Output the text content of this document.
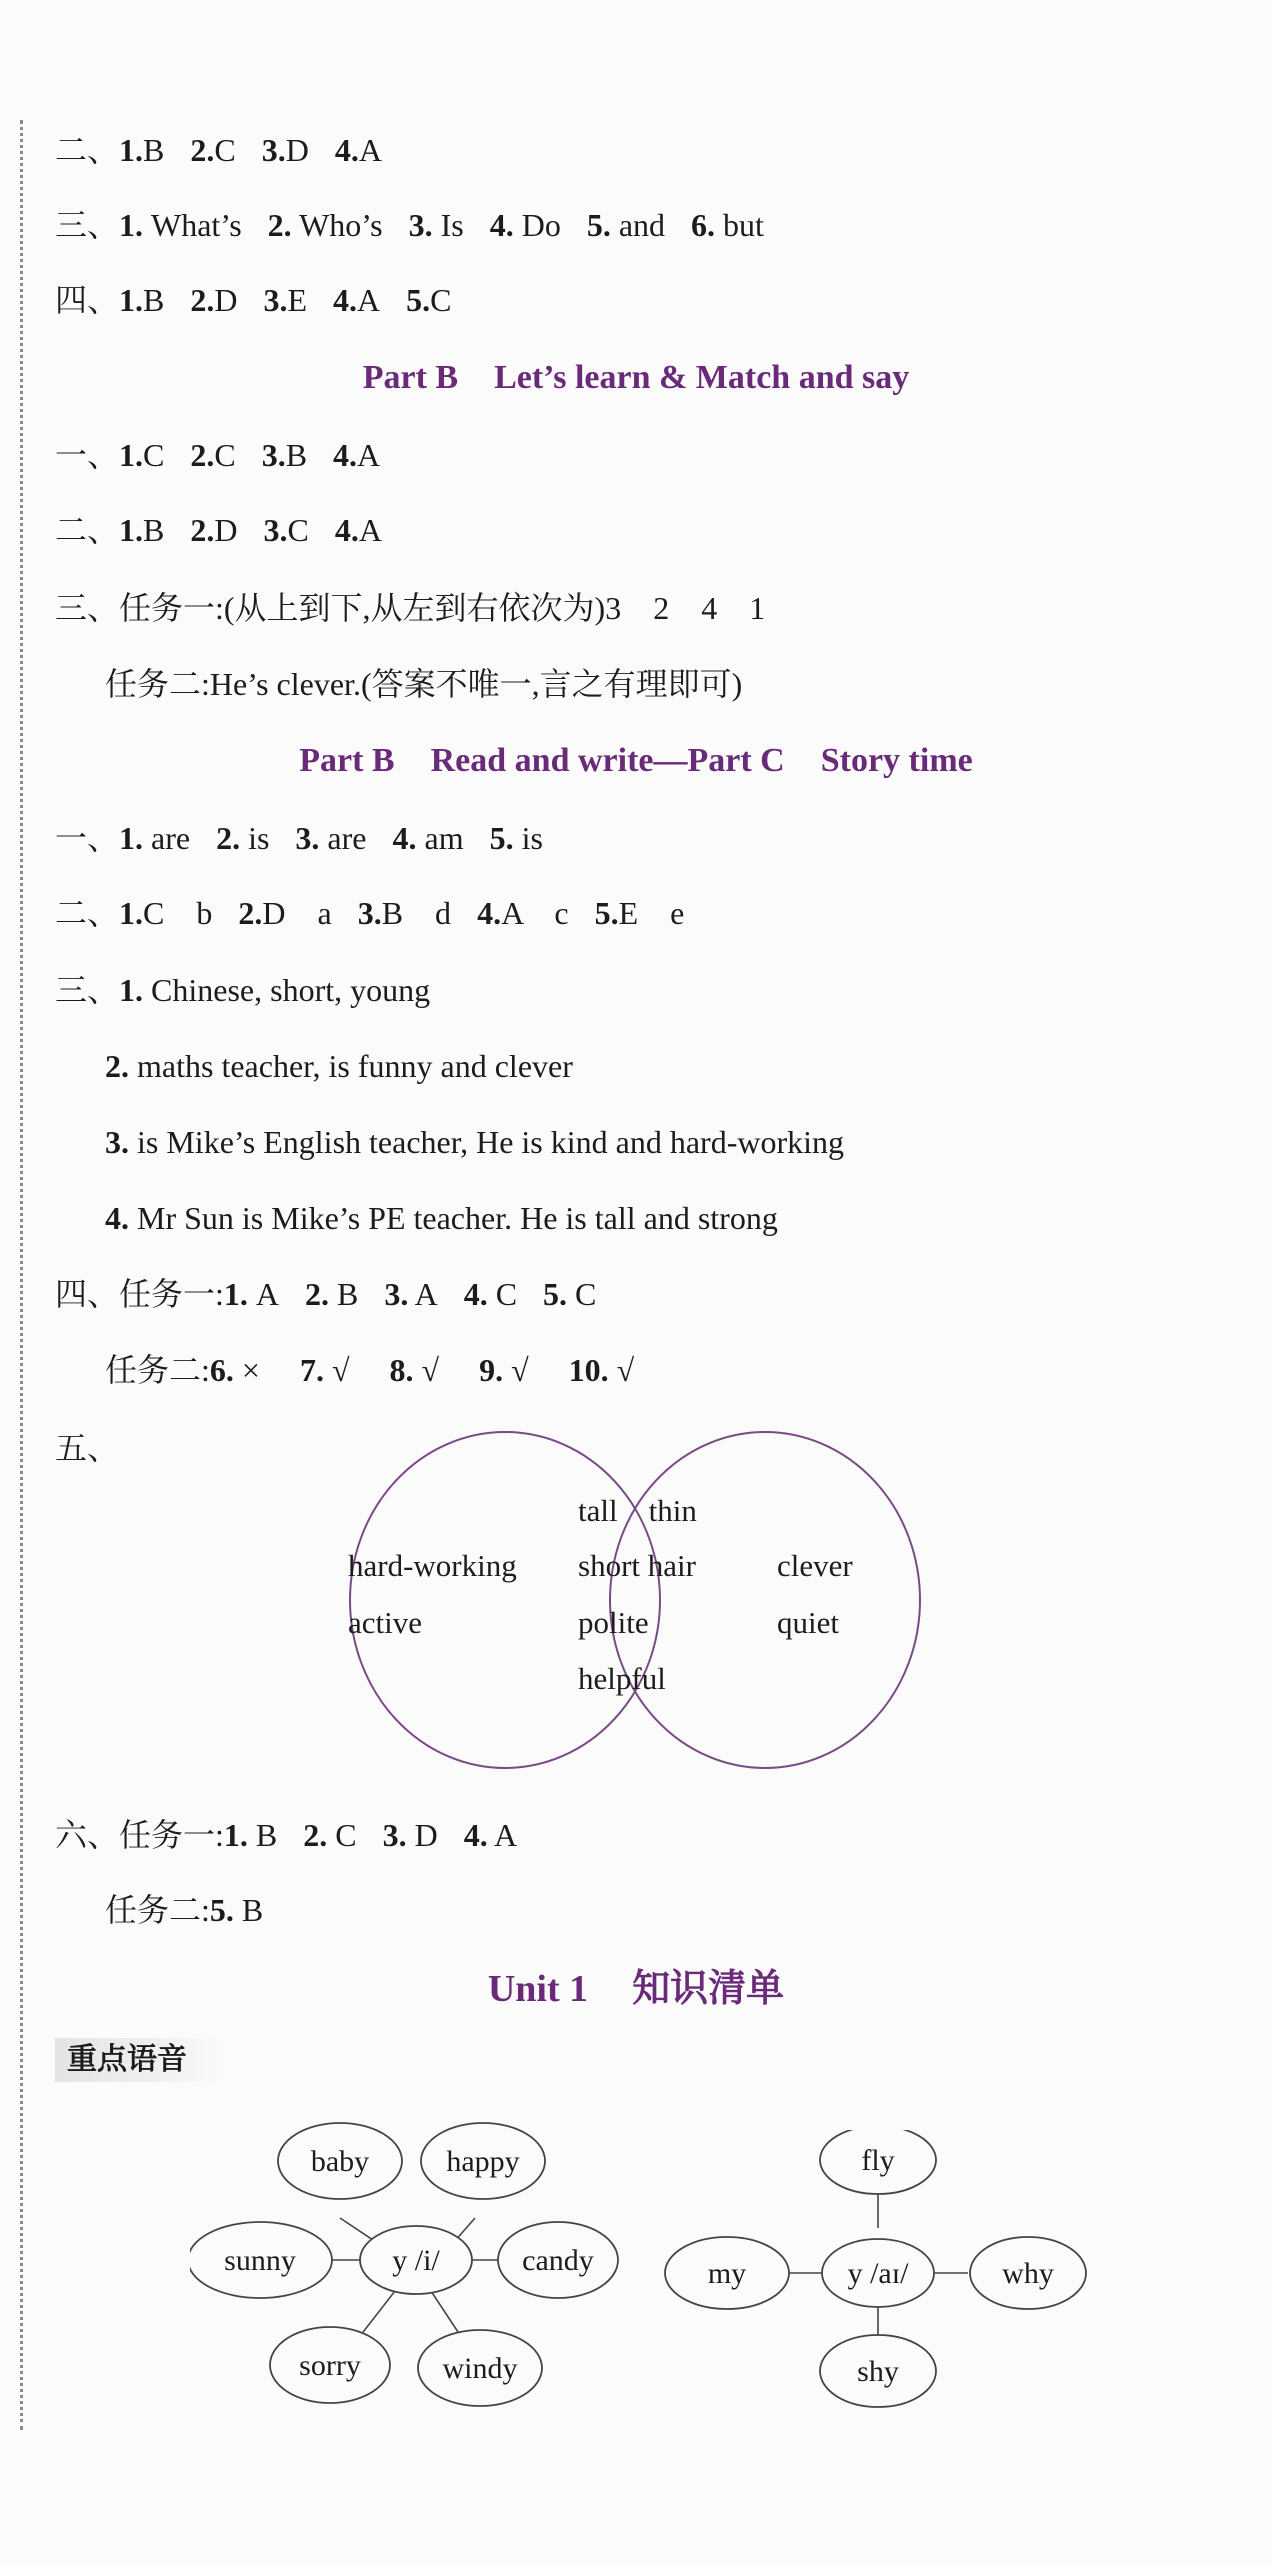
二、1.B 2.C 3.D 4.A
三、1. What’s 2. Who’s 3. Is 4. Do 5. and 6. but
四、1.B 2.D 3.E 4.A 5.C
Part B Let’s learn & Match and say
一、1.C 2.C 3.B 4.A
二、1.B 2.D 3.C 4.A
三、任务一:(从上到下,从左到右依次为)3　2　4　1
任务二:He’s clever.(答案不唯一,言之有理即可)
Part B Read and write—Part C Story time
一、1. are 2. is 3. are 4. am 5. is
二、1.C　b 2.D　a 3.B　d 4.A　c 5.E　e
三、1. Chinese, short, young
2. maths teacher, is funny and clever
3. is Mike’s English teacher, He is kind and hard-working
4. Mr Sun is Mike’s PE teacher. He is tall and strong
四、任务一:1. A 2. B 3. A 4. C 5. C
任务二:6. × 7. √ 8. √ 9. √ 10. √
五、
hard-working
active
tall　thin
short hair
polite
helpful
clever
quiet
六、任务一:1. B 2. C 3. D 4. A
任务二:5. B
Unit 1 知识清单
重点语音
baby	happy
sunny	candy
y /i/
sorry	windy
fly
my	y /aɪ/	why
shy
